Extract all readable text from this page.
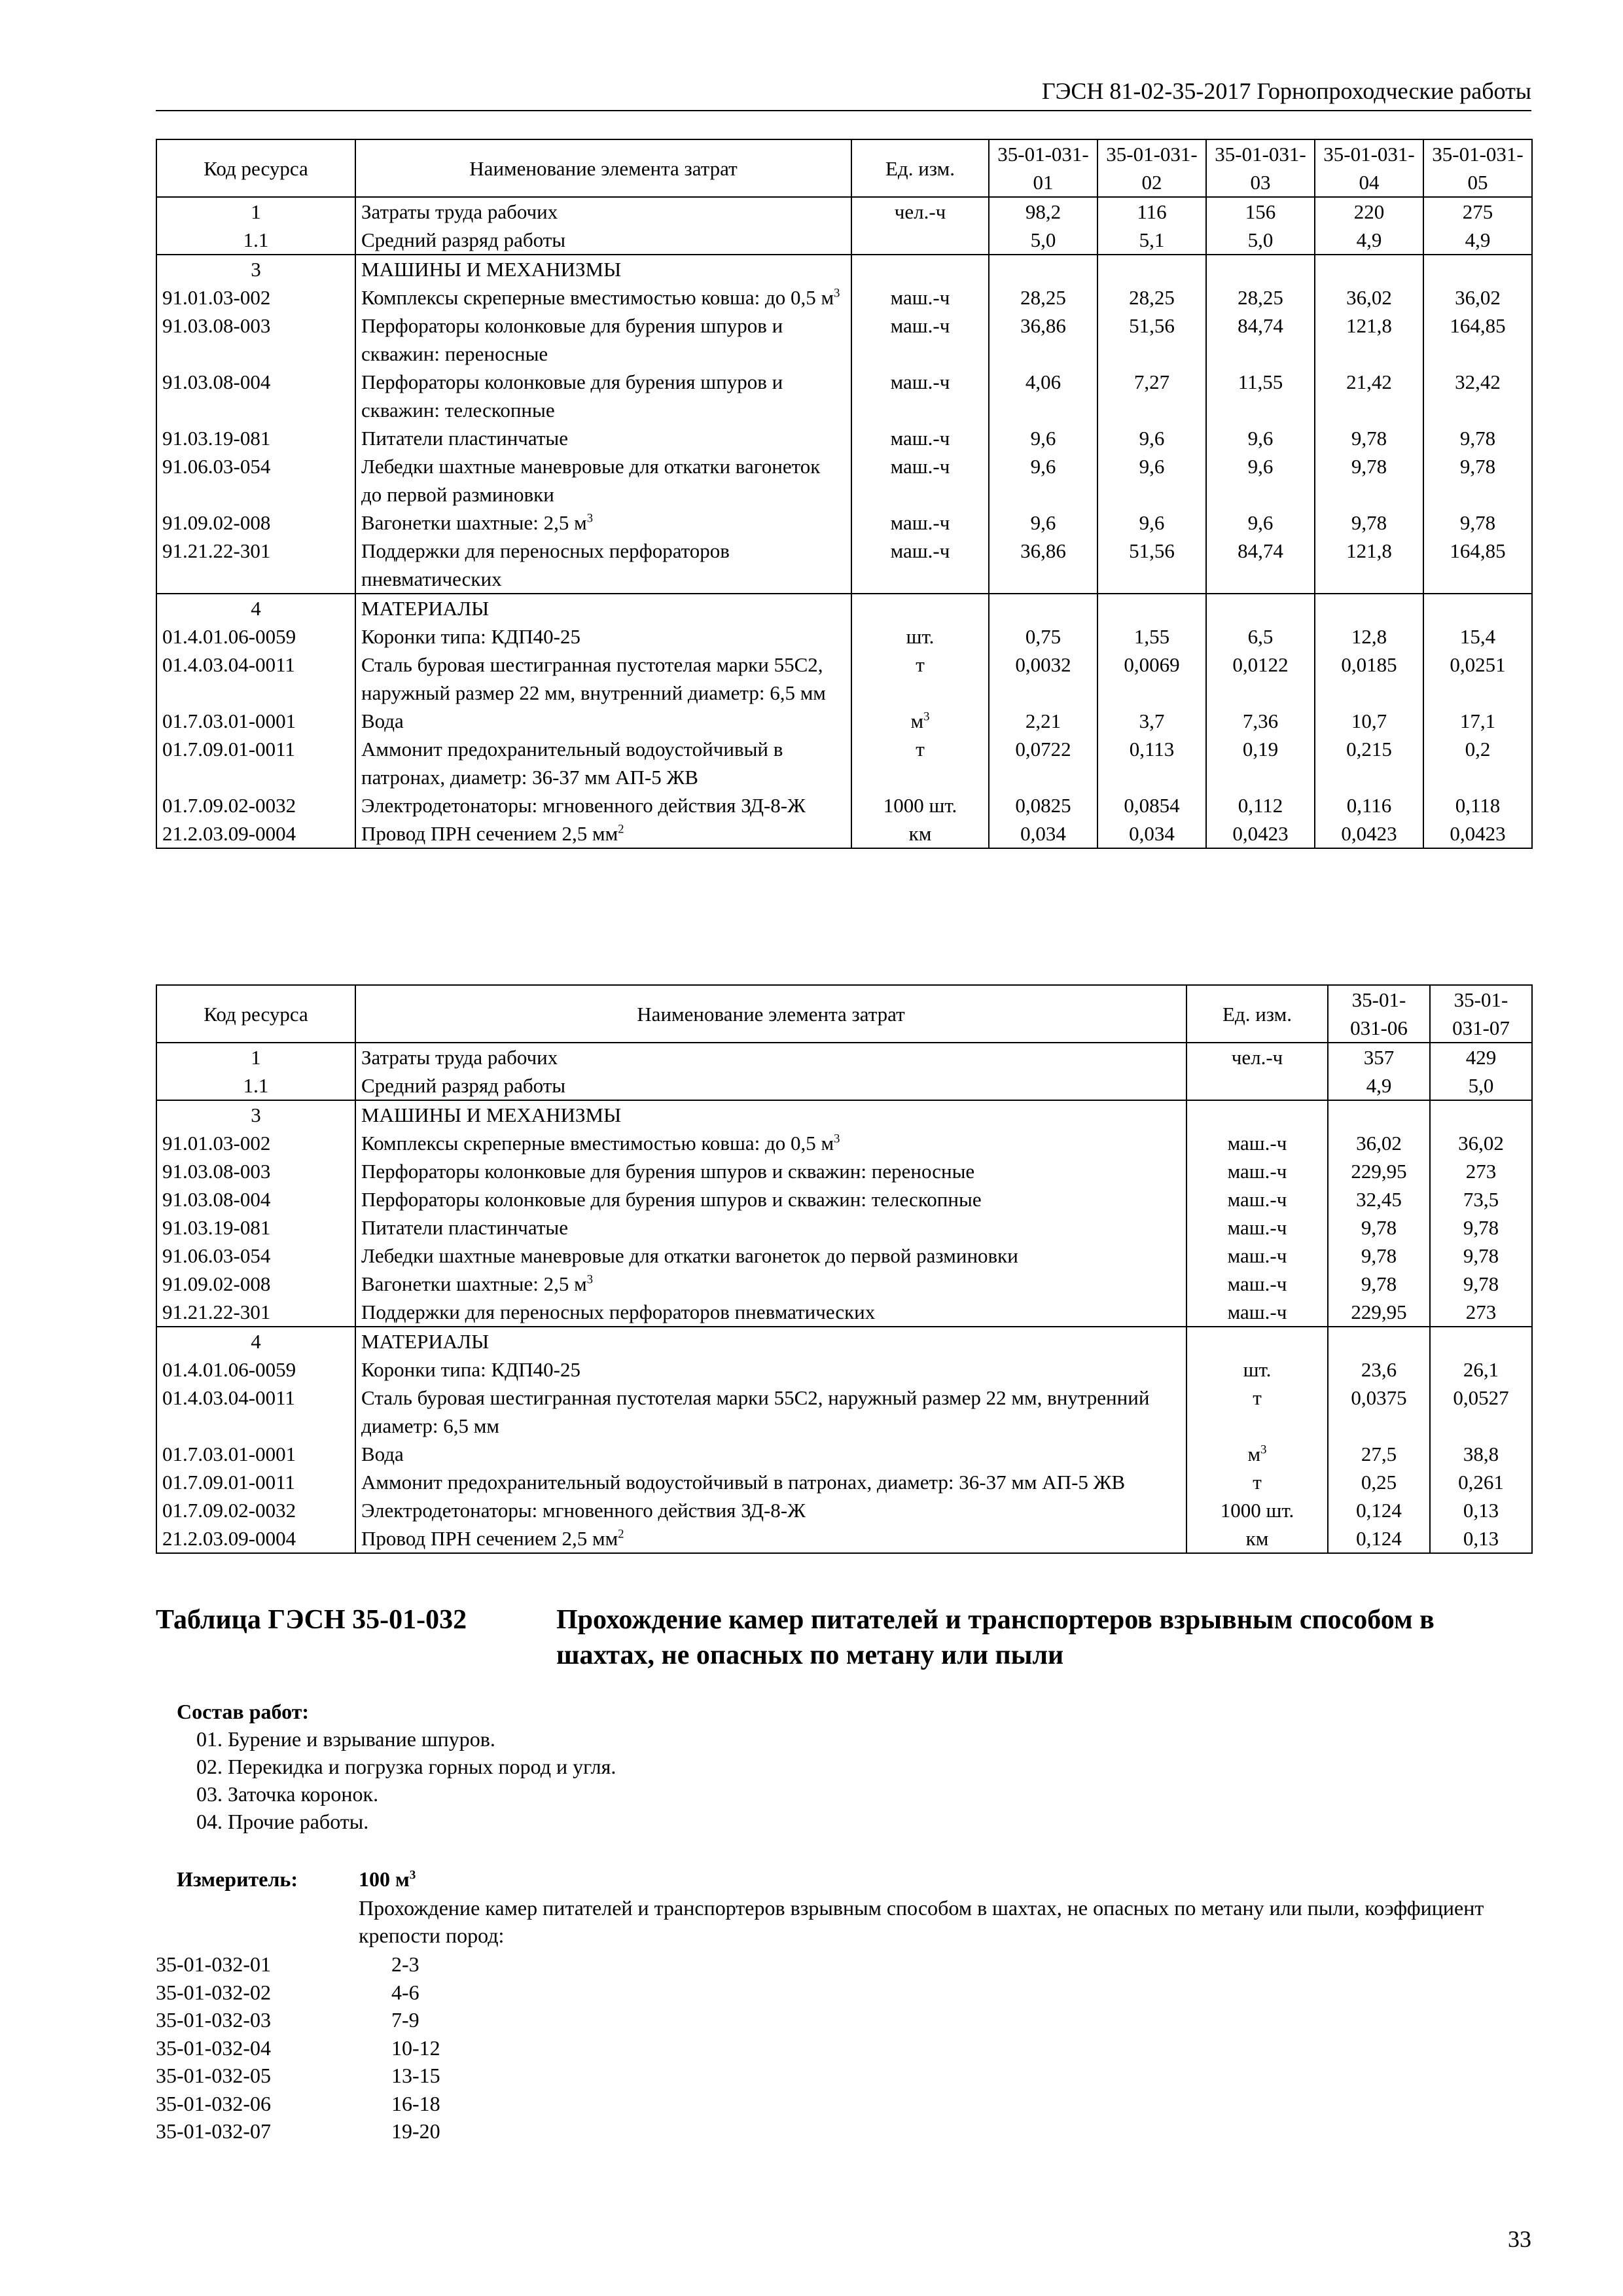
ГЭСН 81-02-35-2017 Горнопроходческие работы
Код ресурса	Наименование элемента затрат	Ед. изм.	35-01-031-01	35-01-031-02	35-01-031-03	35-01-031-04	35-01-031-05
1	Затраты труда рабочих	чел.-ч	98,2	116	156	220	275
1.1	Средний разряд работы		5,0	5,1	5,0	4,9	4,9
3	МАШИНЫ И МЕХАНИЗМЫ						
91.01.03-002	Комплексы скреперные вместимостью ковша: до 0,5 $м^3$	маш.-ч	28,25	28,25	28,25	36,02	36,02
91.03.08-003	Перфораторы колонковые для бурения шпуров и скважин: переносные	маш.-ч	36,86	51,56	84,74	121,8	164,85
91.03.08-004	Перфораторы колонковые для бурения шпуров и скважин: телескопные	маш.-ч	4,06	7,27	11,55	21,42	32,42
91.03.19-081	Питатели пластинчатые	маш.-ч	9,6	9,6	9,6	9,78	9,78
91.06.03-054	Лебедки шахтные маневровые для откатки вагонеток до первой разминовки	маш.-ч	9,6	9,6	9,6	9,78	9,78
91.09.02-008	Вагонетки шахтные: 2,5 $м^3$	маш.-ч	9,6	9,6	9,6	9,78	9,78
91.21.22-301	Поддержки для переносных перфораторов пневматических	маш.-ч	36,86	51,56	84,74	121,8	164,85
4	МАТЕРИАЛЫ						
01.4.01.06-0059	Коронки типа: КДП40-25	шт.	0,75	1,55	6,5	12,8	15,4
01.4.03.04-0011	Сталь буровая шестигранная пустотелая марки 55С2, наружный размер 22 мм, внутренний диаметр: 6,5 мм	т	0,0032	0,0069	0,0122	0,0185	0,0251
01.7.03.01-0001	Вода	$м^3$	2,21	3,7	7,36	10,7	17,1
01.7.09.01-0011	Аммонит предохранительный водоустойчивый в патронах, диаметр: 36-37 мм АП-5 ЖВ	т	0,0722	0,113	0,19	0,215	0,2
01.7.09.02-0032	Электродетонаторы: мгновенного действия ЗД-8-Ж	1000 шт.	0,0825	0,0854	0,112	0,116	0,118
21.2.03.09-0004	Провод ПРН сечением 2,5 $мм^2$	км	0,034	0,034	0,0423	0,0423	0,0423
Код ресурса	Наименование элемента затрат	Ед. изм.	35-01-031-06	35-01-031-07
1	Затраты труда рабочих	чел.-ч	357	429
1.1	Средний разряд работы		4,9	5,0
3	МАШИНЫ И МЕХАНИЗМЫ			
91.01.03-002	Комплексы скреперные вместимостью ковша: до 0,5 $м^3$	маш.-ч	36,02	36,02
91.03.08-003	Перфораторы колонковые для бурения шпуров и скважин: переносные	маш.-ч	229,95	273
91.03.08-004	Перфораторы колонковые для бурения шпуров и скважин: телескопные	маш.-ч	32,45	73,5
91.03.19-081	Питатели пластинчатые	маш.-ч	9,78	9,78
91.06.03-054	Лебедки шахтные маневровые для откатки вагонеток до первой разминовки	маш.-ч	9,78	9,78
91.09.02-008	Вагонетки шахтные: 2,5 $м^3$	маш.-ч	9,78	9,78
91.21.22-301	Поддержки для переносных перфораторов пневматических	маш.-ч	229,95	273
4	МАТЕРИАЛЫ			
01.4.01.06-0059	Коронки типа: КДП40-25	шт.	23,6	26,1
01.4.03.04-0011	Сталь буровая шестигранная пустотелая марки 55С2, наружный размер 22 мм, внутренний диаметр: 6,5 мм	т	0,0375	0,0527
01.7.03.01-0001	Вода	$м^3$	27,5	38,8
01.7.09.01-0011	Аммонит предохранительный водоустойчивый в патронах, диаметр: 36-37 мм АП-5 ЖВ	т	0,25	0,261
01.7.09.02-0032	Электродетонаторы: мгновенного действия ЗД-8-Ж	1000 шт.	0,124	0,13
21.2.03.09-0004	Провод ПРН сечением 2,5 $мм^2$	км	0,124	0,13
Таблица ГЭСН 35-01-032	Прохождение камер питателей и транспортеров взрывным способом в шахтах, не опасных по метану или пыли
Состав работ:
01. Бурение и взрывание шпуров.
02. Перекидка и погрузка горных пород и угля.
03. Заточка коронок.
04. Прочие работы.
Измеритель:	100 $м^3$
Прохождение камер питателей и транспортеров взрывным способом в шахтах, не опасных по метану или пыли, коэффициент крепости пород:
35-01-032-01	2-3
35-01-032-02	4-6
35-01-032-03	7-9
35-01-032-04	10-12
35-01-032-05	13-15
35-01-032-06	16-18
35-01-032-07	19-20
33
